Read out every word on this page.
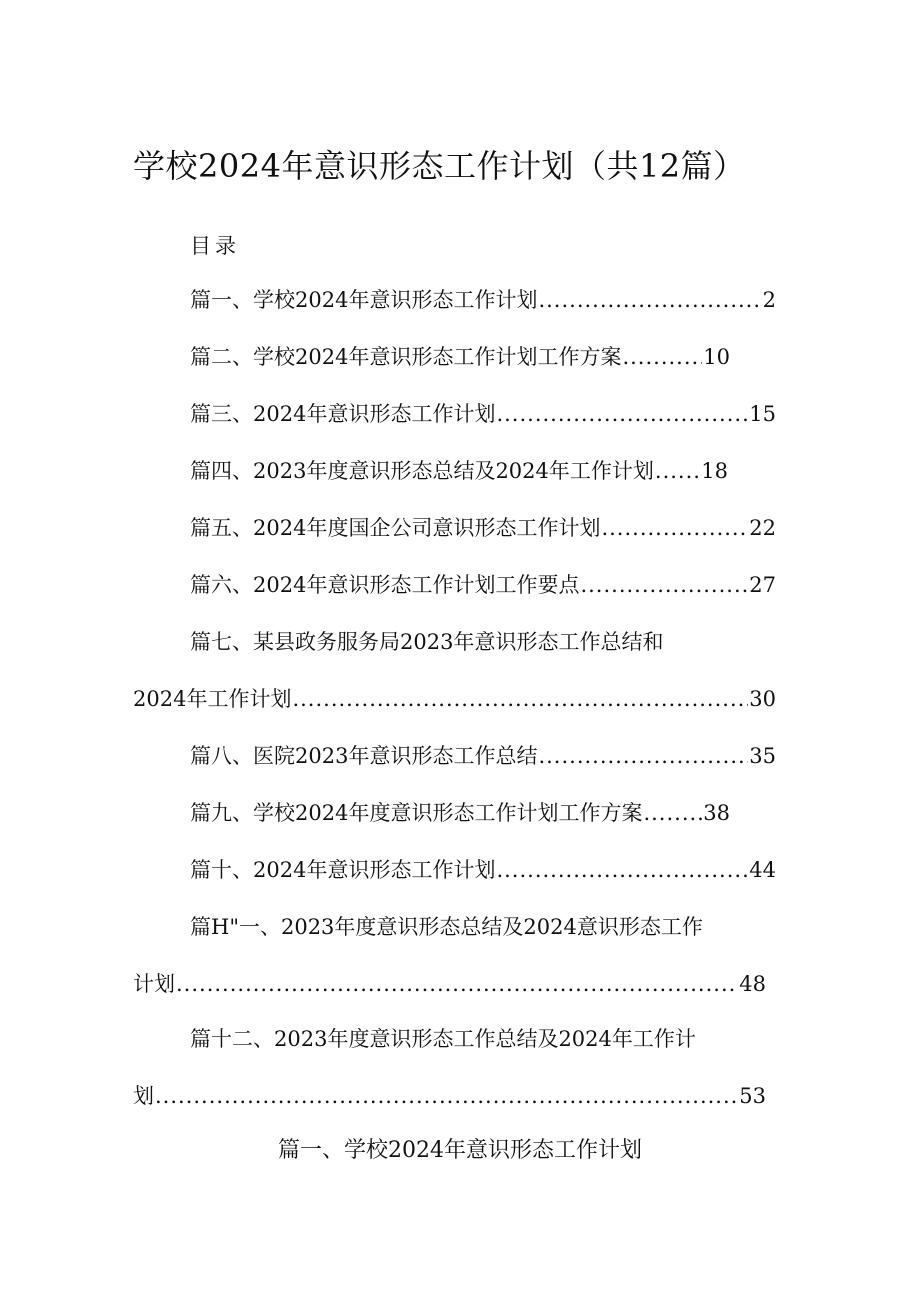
学校2024年意识形态工作计划（共12篇）
目录
篇一、学校2024年意识形态工作计划 .....	2
篇二、学校2024年意识形态工作计划工作方案 .....	10
篇三、2024年意识形态工作计划 .....	15
篇四、2023年度意识形态总结及2024年工作计划 ..... 18
篇五、2024年度国企公司意识形态工作计划 .....	22
篇六、2024年意识形态工作计划工作要点 .....	27
篇七、某县政务服务局2023年意识形态工作总结和
2024年工作计划 .....	30
篇八、医院2023年意识形态工作总结 .....	35
篇九、学校2024年度意识形态工作计划工作方案 .....	38
篇十、2024年意识形态工作计划 .....	44
篇H"一、2023年度意识形态总结及2024意识形态工作
计划 .....	48
篇十二、2023年度意识形态工作总结及2024年工作计
划 .....	53
篇一、学校2024年意识形态工作计划
